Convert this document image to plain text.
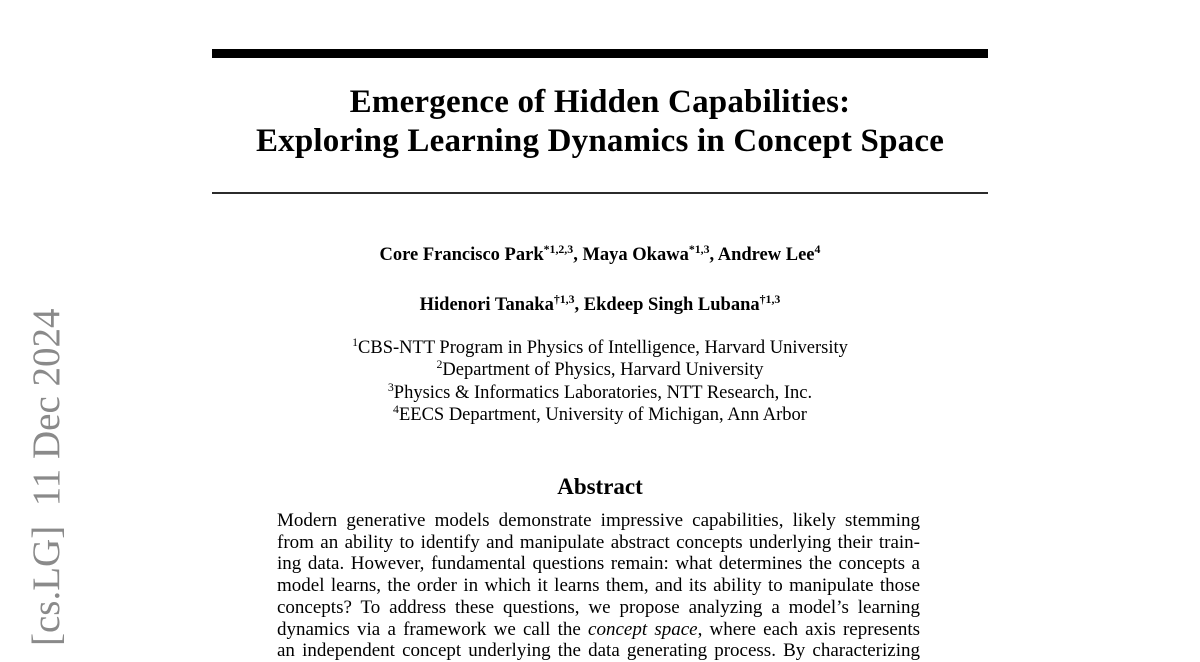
[cs.LG]  11 Dec 2024
Emergence of Hidden Capabilities:
Exploring Learning Dynamics in Concept Space
Core Francisco Park$^{*1,2,3}$, Maya Okawa$^{*1,3}$, Andrew Lee$^4$
Hidenori Tanaka$^{\dagger 1,3}$, Ekdeep Singh Lubana$^{\dagger 1,3}$
$^1$CBS-NTT Program in Physics of Intelligence, Harvard University
$^2$Department of Physics, Harvard University
$^3$Physics & Informatics Laboratories, NTT Research, Inc.
$^4$EECS Department, University of Michigan, Ann Arbor
Abstract
Modern generative models demonstrate impressive capabilities, likely stemming
from an ability to identify and manipulate abstract concepts underlying their train-
ing data. However, fundamental questions remain: what determines the concepts a
model learns, the order in which it learns them, and its ability to manipulate those
concepts? To address these questions, we propose analyzing a model’s learning
dynamics via a framework we call the concept space, where each axis represents
an independent concept underlying the data generating process. By characterizing
